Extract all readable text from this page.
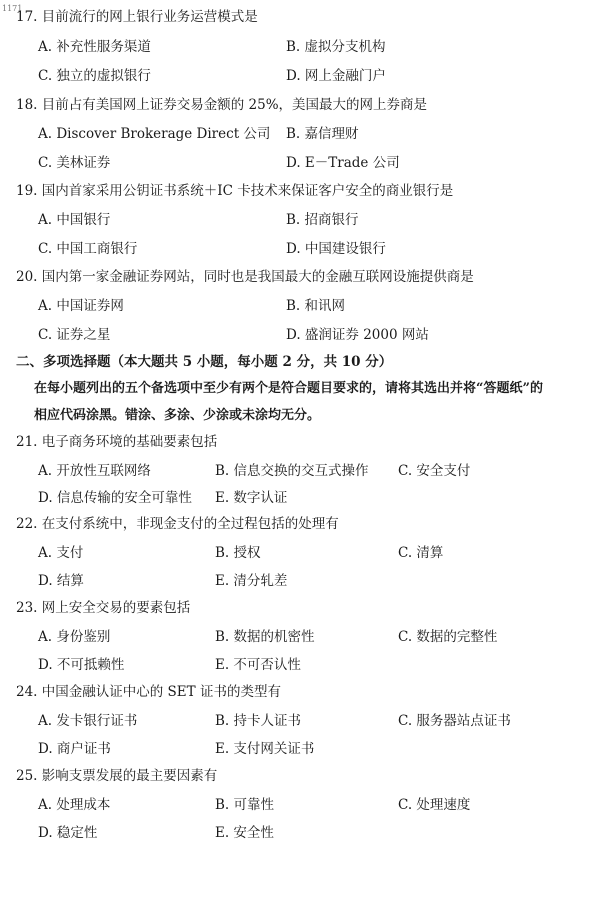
1171
17. 目前流行的网上银行业务运营模式是
A. 补充性服务渠道	B. 虚拟分支机构
C. 独立的虚拟银行	D. 网上金融门户
18. 目前占有美国网上证券交易金额的 25%，美国最大的网上券商是
A. Discover Brokerage Direct 公司 B. 嘉信理财
C. 美林证券	D. E－Trade 公司
19. 国内首家采用公钥证书系统＋IC 卡技术来保证客户安全的商业银行是
A. 中国银行	B. 招商银行
C. 中国工商银行	D. 中国建设银行
20. 国内第一家金融证券网站，同时也是我国最大的金融互联网设施提供商是
A. 中国证券网	B. 和讯网
C. 证券之星	D. 盛润证券 2000 网站
二、多项选择题（本大题共 5 小题，每小题 2 分，共 10 分）
在每小题列出的五个备选项中至少有两个是符合题目要求的，请将其选出并将“答题纸”的
相应代码涂黑。错涂、多涂、少涂或未涂均无分。
21. 电子商务环境的基础要素包括
A. 开放性互联网络	B. 信息交换的交互式操作 C. 安全支付
D. 信息传输的安全可靠性 E. 数字认证
22. 在支付系统中，非现金支付的全过程包括的处理有
A. 支付	B. 授权	C. 清算
D. 结算	E. 清分轧差
23. 网上安全交易的要素包括
A. 身份鉴别	B. 数据的机密性	C. 数据的完整性
D. 不可抵赖性	E. 不可否认性
24. 中国金融认证中心的 SET 证书的类型有
A. 发卡银行证书	B. 持卡人证书	C. 服务器站点证书
D. 商户证书	E. 支付网关证书
25. 影响支票发展的最主要因素有
A. 处理成本	B. 可靠性	C. 处理速度
D. 稳定性	E. 安全性
